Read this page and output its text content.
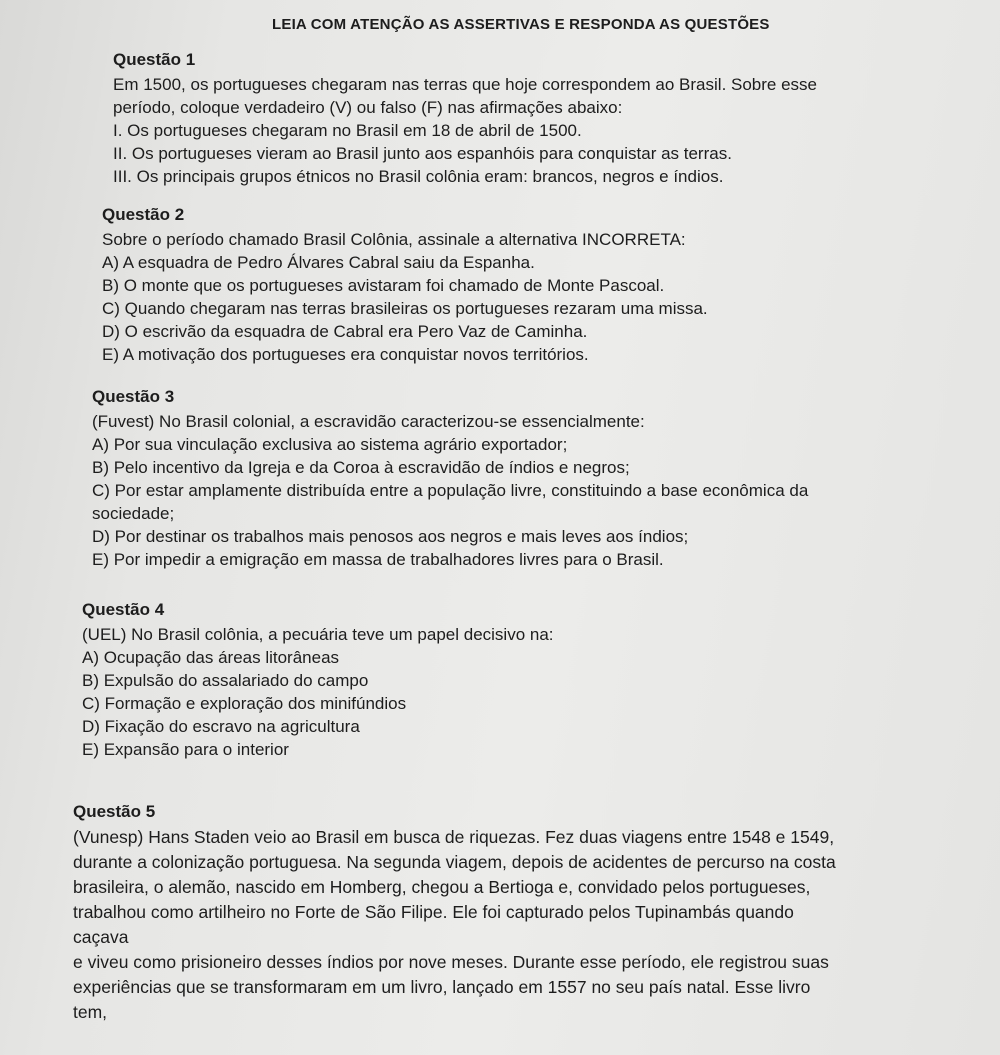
LEIA COM ATENÇÃO AS ASSERTIVAS E RESPONDA AS QUESTÕES
Questão 1
Em 1500, os portugueses chegaram nas terras que hoje correspondem ao Brasil. Sobre esse
período, coloque verdadeiro (V) ou falso (F) nas afirmações abaixo:
I. Os portugueses chegaram no Brasil em 18 de abril de 1500.
II. Os portugueses vieram ao Brasil junto aos espanhóis para conquistar as terras.
III. Os principais grupos étnicos no Brasil colônia eram: brancos, negros e índios.
Questão 2
Sobre o período chamado Brasil Colônia, assinale a alternativa INCORRETA:
A) A esquadra de Pedro Álvares Cabral saiu da Espanha.
B) O monte que os portugueses avistaram foi chamado de Monte Pascoal.
C) Quando chegaram nas terras brasileiras os portugueses rezaram uma missa.
D) O escrivão da esquadra de Cabral era Pero Vaz de Caminha.
E) A motivação dos portugueses era conquistar novos territórios.
Questão 3
(Fuvest) No Brasil colonial, a escravidão caracterizou-se essencialmente:
A) Por sua vinculação exclusiva ao sistema agrário exportador;
B) Pelo incentivo da Igreja e da Coroa à escravidão de índios e negros;
C) Por estar amplamente distribuída entre a população livre, constituindo a base econômica da
sociedade;
D) Por destinar os trabalhos mais penosos aos negros e mais leves aos índios;
E) Por impedir a emigração em massa de trabalhadores livres para o Brasil.
Questão 4
(UEL) No Brasil colônia, a pecuária teve um papel decisivo na:
A) Ocupação das áreas litorâneas
B) Expulsão do assalariado do campo
C) Formação e exploração dos minifúndios
D) Fixação do escravo na agricultura
E) Expansão para o interior
Questão 5
(Vunesp) Hans Staden veio ao Brasil em busca de riquezas. Fez duas viagens entre 1548 e 1549,
durante a colonização portuguesa. Na segunda viagem, depois de acidentes de percurso na costa
brasileira, o alemão, nascido em Homberg, chegou a Bertioga e, convidado pelos portugueses,
trabalhou como artilheiro no Forte de São Filipe. Ele foi capturado pelos Tupinambás quando
caçava
e viveu como prisioneiro desses índios por nove meses. Durante esse período, ele registrou suas
experiências que se transformaram em um livro, lançado em 1557 no seu país natal. Esse livro
tem,
